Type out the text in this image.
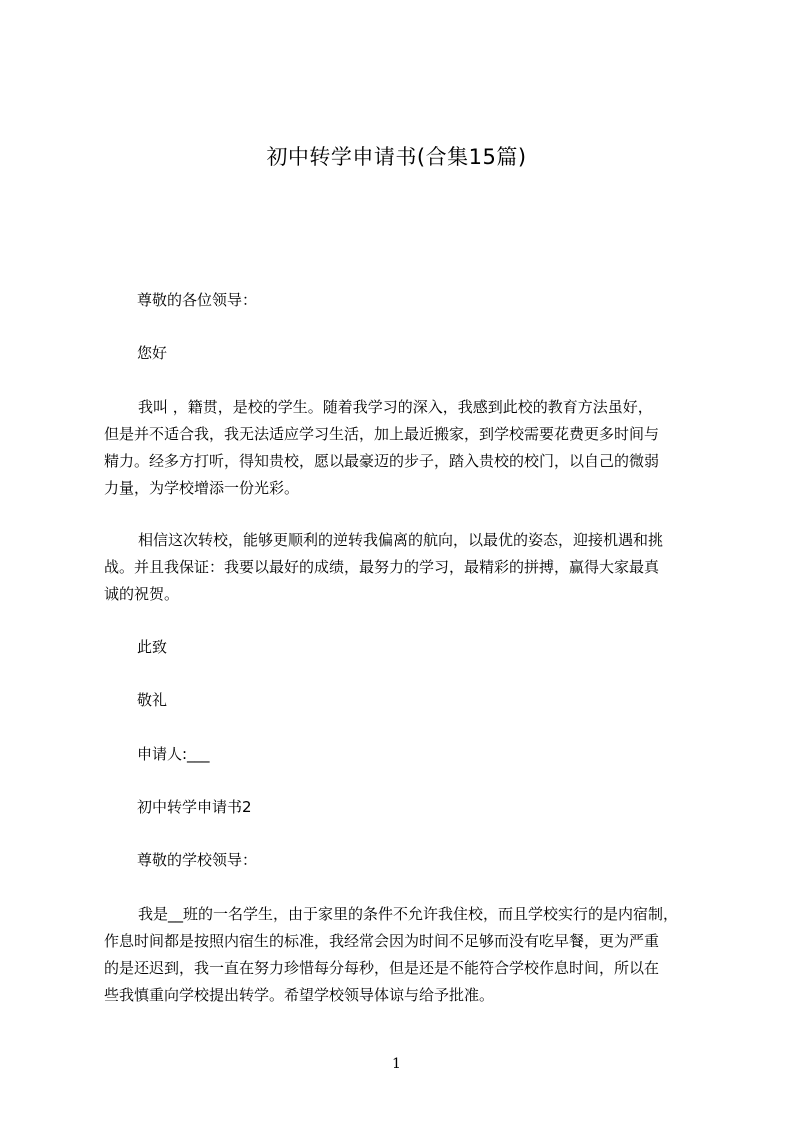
初中转学申请书(合集15篇)
尊敬的各位领导：
您好
我叫 ，籍贯，是校的学生。随着我学习的深入，我感到此校的教育方法虽好，
但是并不适合我，我无法适应学习生活，加上最近搬家，到学校需要花费更多时间与
精力。经多方打听，得知贵校，愿以最豪迈的步子，踏入贵校的校门，以自己的微弱
力量，为学校增添一份光彩。
相信这次转校，能够更顺利的逆转我偏离的航向，以最优的姿态，迎接机遇和挑
战。并且我保证：我要以最好的成绩，最努力的学习，最精彩的拼搏，赢得大家最真
诚的祝贺。
此致
敬礼
申请人:___
初中转学申请书2
尊敬的学校领导：
我是__班的一名学生，由于家里的条件不允许我住校，而且学校实行的是内宿制，
作息时间都是按照内宿生的标准，我经常会因为时间不足够而没有吃早餐，更为严重
的是还迟到，我一直在努力珍惜每分每秒，但是还是不能符合学校作息时间，所以在
些我慎重向学校提出转学。希望学校领导体谅与给予批准。
1
